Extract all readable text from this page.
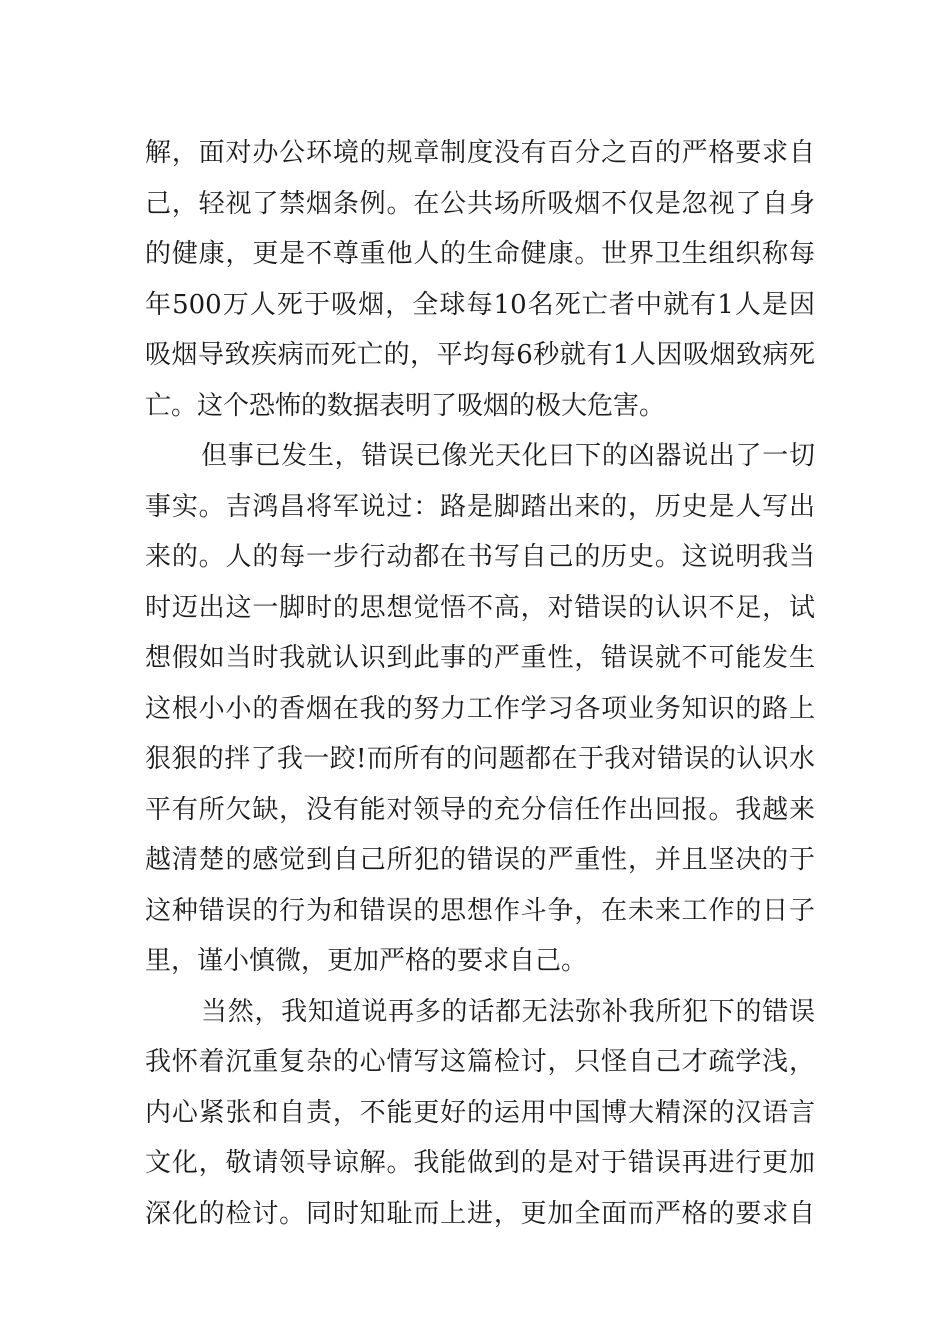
解，面对办公环境的规章制度没有百分之百的严格要求自
己，轻视了禁烟条例。在公共场所吸烟不仅是忽视了自身
的健康，更是不尊重他人的生命健康。世界卫生组织称每
年500万人死于吸烟，全球每10名死亡者中就有1人是因
吸烟导致疾病而死亡的，平均每6秒就有1人因吸烟致病死
亡。这个恐怖的数据表明了吸烟的极大危害。
但事已发生，错误已像光天化曰下的凶器说出了一切
事实。吉鸿昌将军说过：路是脚踏出来的，历史是人写出
来的。人的每一步行动都在书写自己的历史。这说明我当
时迈出这一脚时的思想觉悟不高，对错误的认识不足，试
想假如当时我就认识到此事的严重性，错误就不可能发生
这根小小的香烟在我的努力工作学习各项业务知识的路上
狠狠的拌了我一跤!而所有的问题都在于我对错误的认识水
平有所欠缺，没有能对领导的充分信任作出回报。我越来
越清楚的感觉到自己所犯的错误的严重性，并且坚决的于
这种错误的行为和错误的思想作斗争，在未来工作的日子
里，谨小慎微，更加严格的要求自己。
当然，我知道说再多的话都无法弥补我所犯下的错误
我怀着沉重复杂的心情写这篇检讨，只怪自己才疏学浅，
内心紧张和自责，不能更好的运用中国博大精深的汉语言
文化，敬请领导谅解。我能做到的是对于错误再进行更加
深化的检讨。同时知耻而上进，更加全面而严格的要求自
